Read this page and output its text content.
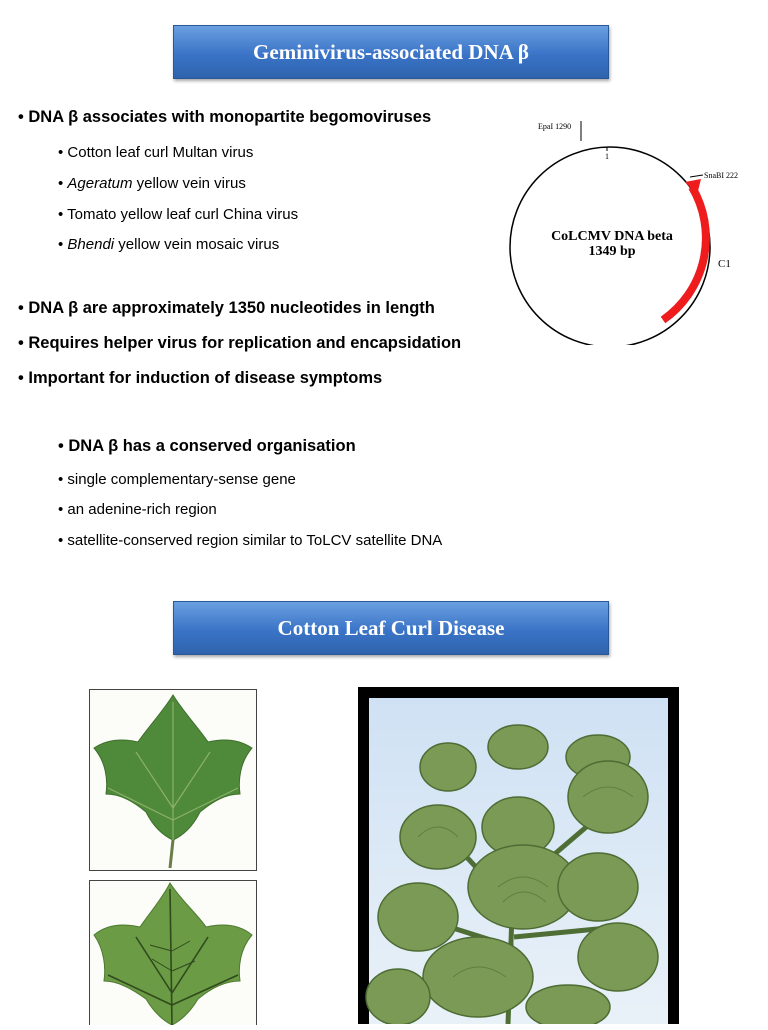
Geminivirus-associated DNA β
• DNA β associates with monopartite begomoviruses
• Cotton leaf curl Multan virus
• Ageratum yellow vein virus
• Tomato yellow leaf curl China virus
• Bhendi yellow vein mosaic virus
• DNA β are approximately 1350 nucleotides in length
• Requires helper virus for replication and encapsidation
• Important for induction of disease symptoms
• DNA β has a conserved organisation
• single complementary-sense gene
• an adenine-rich region
• satellite-conserved region similar to ToLCV satellite DNA
EpaI 1290
SnaBI 222
1
C1
CoLCMV DNA beta
1349 bp
Cotton Leaf Curl Disease
